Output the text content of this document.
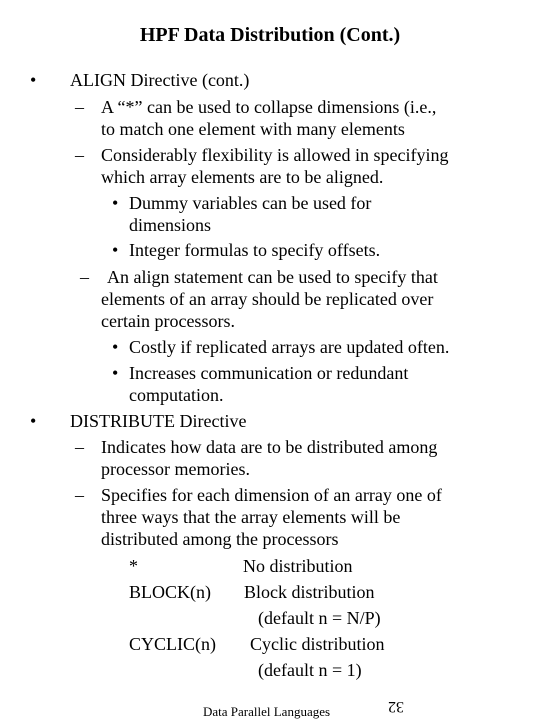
HPF Data Distribution (Cont.)
• ALIGN Directive (cont.)
– A “*” can be used to collapse dimensions (i.e.,
to match one element with many elements
– Considerably flexibility is allowed in specifying
which array elements are to be aligned.
• Dummy variables can be used for
dimensions
• Integer formulas to specify offsets.
– An align statement can be used to specify that
elements of an array should be replicated over
certain processors.
• Costly if replicated arrays are updated often.
• Increases communication or redundant
computation.
• DISTRIBUTE Directive
– Indicates how data are to be distributed among
processor memories.
– Specifies for each dimension of an array one of
three ways that the array elements will be
distributed among the processors
*	No distribution
BLOCK(n) Block distribution
(default n = N/P)
CYCLIC(n) Cyclic distribution
(default n = 1)
Data Parallel Languages	32
